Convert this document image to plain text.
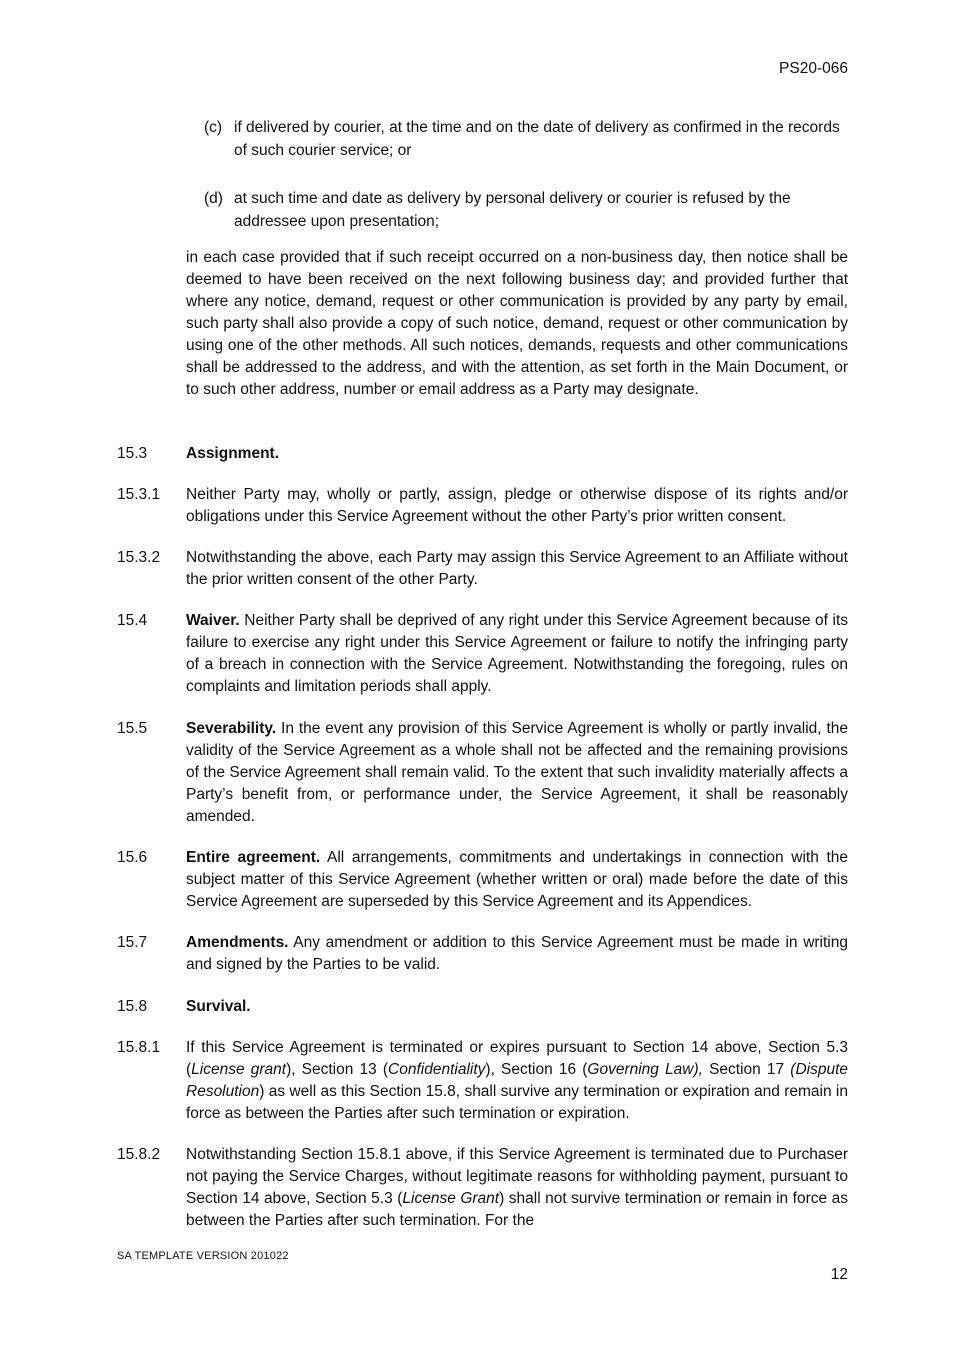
PS20-066
(c) if delivered by courier, at the time and on the date of delivery as confirmed in the records of such courier service; or
(d) at such time and date as delivery by personal delivery or courier is refused by the addressee upon presentation;
in each case provided that if such receipt occurred on a non-business day, then notice shall be deemed to have been received on the next following business day; and provided further that where any notice, demand, request or other communication is provided by any party by email, such party shall also provide a copy of such notice, demand, request or other communication by using one of the other methods. All such notices, demands, requests and other communications shall be addressed to the address, and with the attention, as set forth in the Main Document, or to such other address, number or email address as a Party may designate.
15.3	Assignment.
15.3.1 Neither Party may, wholly or partly, assign, pledge or otherwise dispose of its rights and/or obligations under this Service Agreement without the other Party’s prior written consent.
15.3.2 Notwithstanding the above, each Party may assign this Service Agreement to an Affiliate without the prior written consent of the other Party.
15.4	Waiver. Neither Party shall be deprived of any right under this Service Agreement because of its failure to exercise any right under this Service Agreement or failure to notify the infringing party of a breach in connection with the Service Agreement. Notwithstanding the foregoing, rules on complaints and limitation periods shall apply.
15.5	Severability. In the event any provision of this Service Agreement is wholly or partly invalid, the validity of the Service Agreement as a whole shall not be affected and the remaining provisions of the Service Agreement shall remain valid. To the extent that such invalidity materially affects a Party’s benefit from, or performance under, the Service Agreement, it shall be reasonably amended.
15.6	Entire agreement. All arrangements, commitments and undertakings in connection with the subject matter of this Service Agreement (whether written or oral) made before the date of this Service Agreement are superseded by this Service Agreement and its Appendices.
15.7	Amendments. Any amendment or addition to this Service Agreement must be made in writing and signed by the Parties to be valid.
15.8	Survival.
15.8.1 If this Service Agreement is terminated or expires pursuant to Section 14 above, Section 5.3 (License grant), Section 13 (Confidentiality), Section 16 (Governing Law), Section 17 (Dispute Resolution) as well as this Section 15.8, shall survive any termination or expiration and remain in force as between the Parties after such termination or expiration.
15.8.2 Notwithstanding Section 15.8.1 above, if this Service Agreement is terminated due to Purchaser not paying the Service Charges, without legitimate reasons for withholding payment, pursuant to Section 14 above, Section 5.3 (License Grant) shall not survive termination or remain in force as between the Parties after such termination. For the
SA TEMPLATE VERSION 201022
12
